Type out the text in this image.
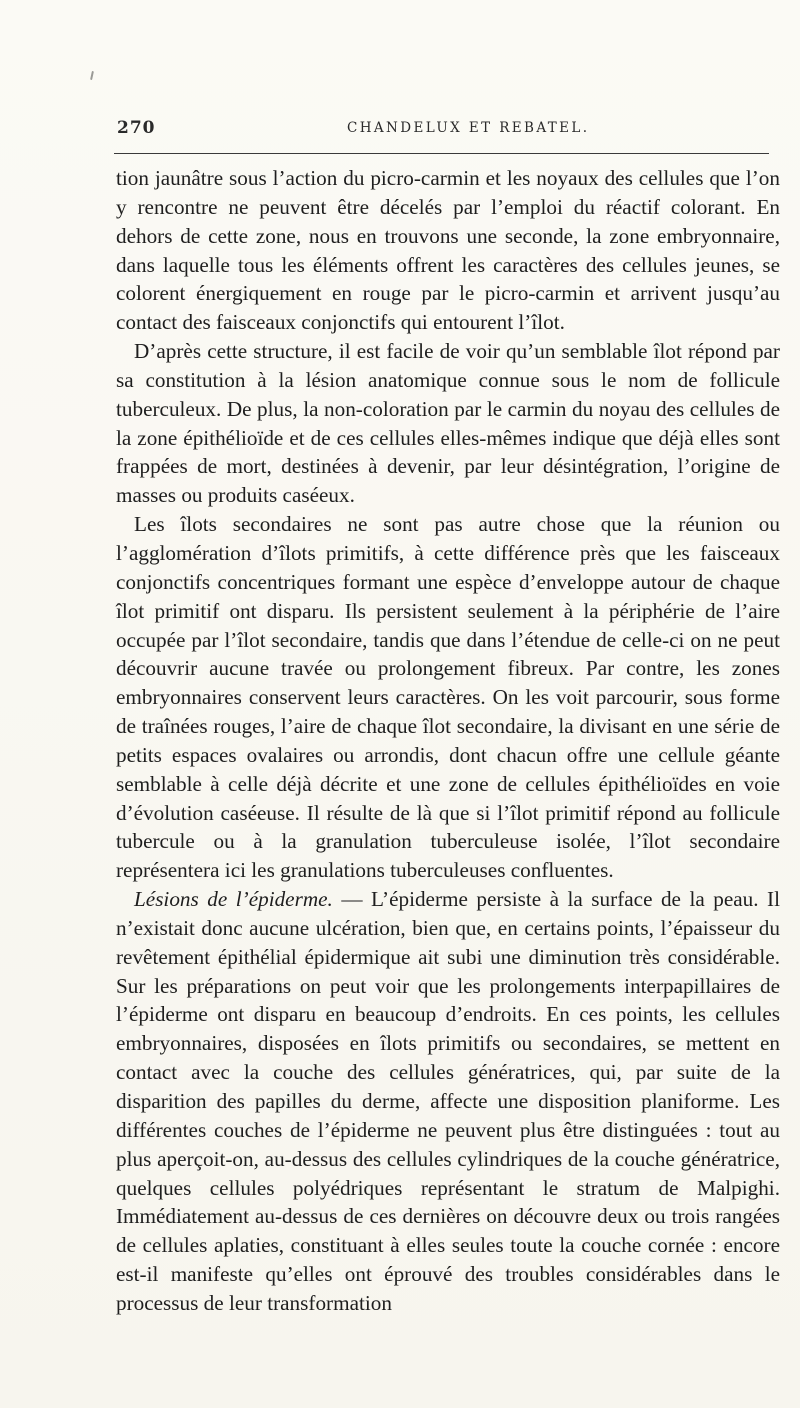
270	CHANDELUX ET REBATEL.

tion jaunâtre sous l’action du picro-carmin et les noyaux des cellules que l’on y rencontre ne peuvent être décelés par l’emploi du réactif colorant. En dehors de cette zone, nous en trouvons une seconde, la zone embryonnaire, dans laquelle tous les éléments offrent les caractères des cellules jeunes, se colorent énergiquement en rouge par le picro-carmin et arrivent jusqu’au contact des faisceaux conjonctifs qui entourent l’îlot.

D’après cette structure, il est facile de voir qu’un semblable îlot répond par sa constitution à la lésion anatomique connue sous le nom de follicule tuberculeux. De plus, la non-coloration par le carmin du noyau des cellules de la zone épithélioïde et de ces cellules elles-mêmes indique que déjà elles sont frappées de mort, destinées à devenir, par leur désintégration, l’origine de masses ou produits caséeux.

Les îlots secondaires ne sont pas autre chose que la réunion ou l’agglomération d’îlots primitifs, à cette différence près que les faisceaux conjonctifs concentriques formant une espèce d’enveloppe autour de chaque îlot primitif ont disparu. Ils persistent seulement à la périphérie de l’aire occupée par l’îlot secondaire, tandis que dans l’étendue de celle-ci on ne peut découvrir aucune travée ou prolongement fibreux. Par contre, les zones embryonnaires conservent leurs caractères. On les voit parcourir, sous forme de traînées rouges, l’aire de chaque îlot secondaire, la divisant en une série de petits espaces ovalaires ou arrondis, dont chacun offre une cellule géante semblable à celle déjà décrite et une zone de cellules épithélioïdes en voie d’évolution caséeuse. Il résulte de là que si l’îlot primitif répond au follicule tubercule ou à la granulation tuberculeuse isolée, l’îlot secondaire représentera ici les granulations tuberculeuses confluentes.

Lésions de l’épiderme. — L’épiderme persiste à la surface de la peau. Il n’existait donc aucune ulcération, bien que, en certains points, l’épaisseur du revêtement épithélial épidermique ait subi une diminution très considérable. Sur les préparations on peut voir que les prolongements interpapillaires de l’épiderme ont disparu en beaucoup d’endroits. En ces points, les cellules embryonnaires, disposées en îlots primitifs ou secondaires, se mettent en contact avec la couche des cellules génératrices, qui, par suite de la disparition des papilles du derme, affecte une disposition planiforme. Les différentes couches de l’épiderme ne peuvent plus être distinguées : tout au plus aperçoit-on, au-dessus des cellules cylindriques de la couche génératrice, quelques cellules polyédriques représentant le stratum de Malpighi. Immédiatement au-dessus de ces dernières on découvre deux ou trois rangées de cellules aplaties, constituant à elles seules toute la couche cornée : encore est-il manifeste qu’elles ont éprouvé des troubles considérables dans le processus de leur transformation
